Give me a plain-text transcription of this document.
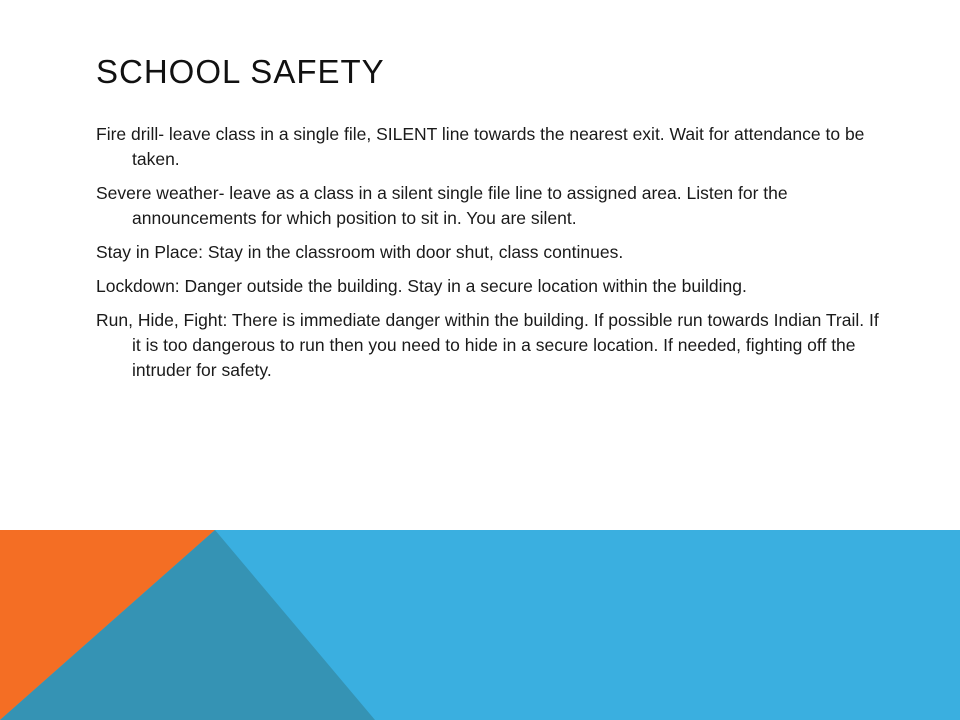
SCHOOL SAFETY
Fire drill- leave class in a single file, SILENT line towards the nearest exit. Wait for attendance to be taken.
Severe weather- leave as a class in a silent single file line to assigned area. Listen for the announcements for which position to sit in. You are silent.
Stay in Place: Stay in the classroom with door shut, class continues.
Lockdown: Danger outside the building. Stay in a secure location within the building.
Run, Hide, Fight: There is immediate danger within the building. If possible run towards Indian Trail. If it is too dangerous to run then you need to hide in a secure location. If needed, fighting off the intruder for safety.
